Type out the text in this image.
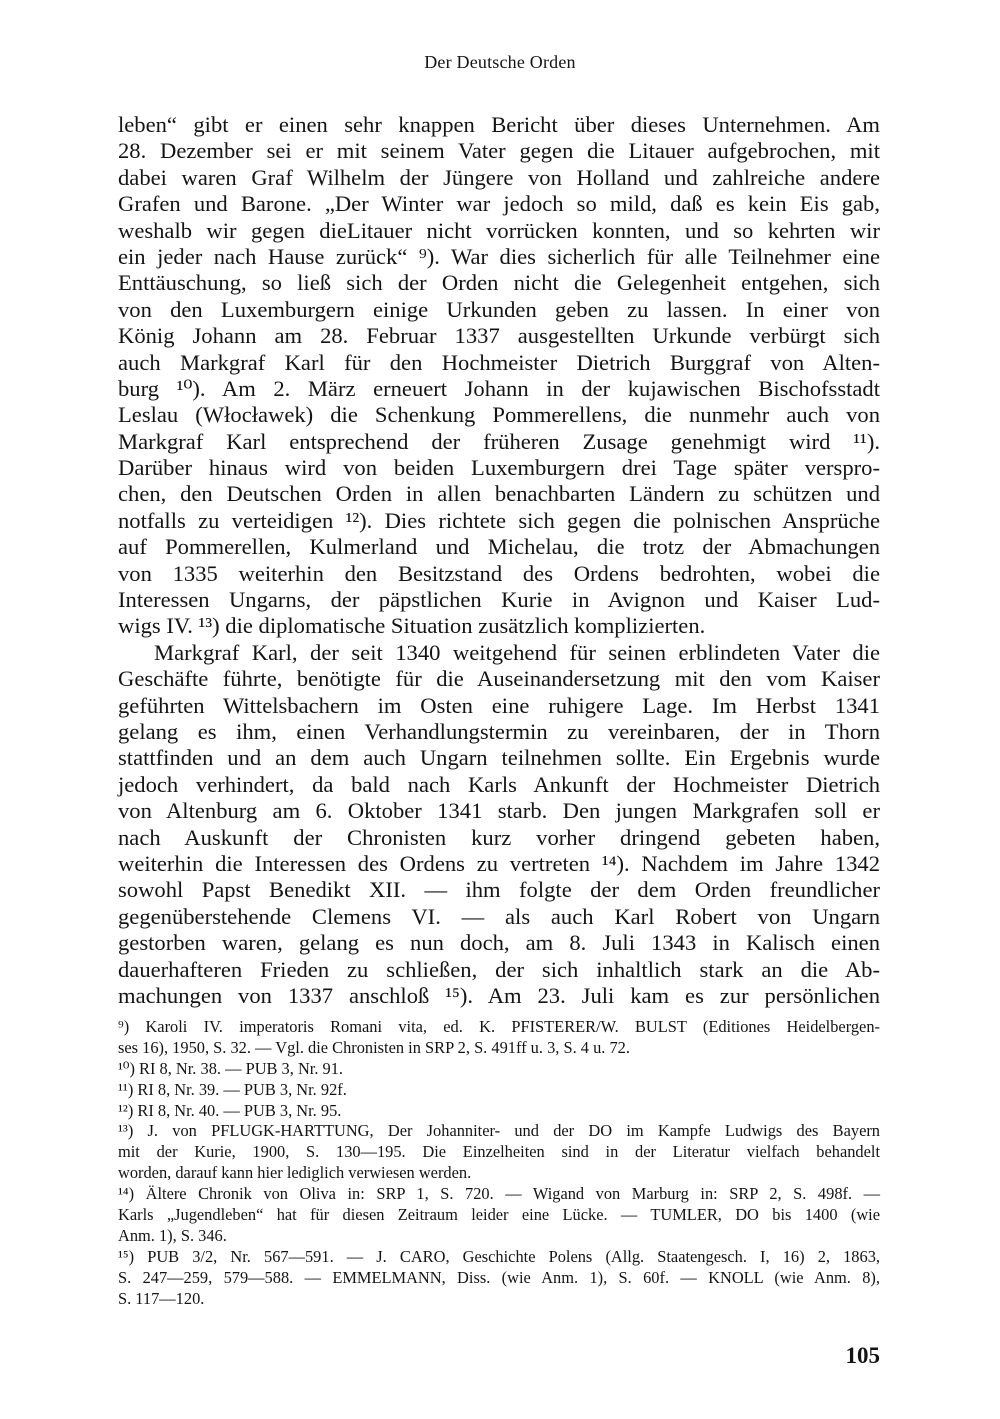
Der Deutsche Orden
leben“ gibt er einen sehr knappen Bericht über dieses Unternehmen. Am
28. Dezember sei er mit seinem Vater gegen die Litauer aufgebrochen, mit
dabei waren Graf Wilhelm der Jüngere von Holland und zahlreiche andere
Grafen und Barone. „Der Winter war jedoch so mild, daß es kein Eis gab,
weshalb wir gegen dieLitauer nicht vorrücken konnten, und so kehrten wir
ein jeder nach Hause zurück“ ⁹). War dies sicherlich für alle Teilnehmer eine
Enttäuschung, so ließ sich der Orden nicht die Gelegenheit entgehen, sich
von den Luxemburgern einige Urkunden geben zu lassen. In einer von
König Johann am 28. Februar 1337 ausgestellten Urkunde verbürgt sich
auch Markgraf Karl für den Hochmeister Dietrich Burggraf von Alten-
burg ¹⁰). Am 2. März erneuert Johann in der kujawischen Bischofsstadt
Leslau (Włocławek) die Schenkung Pommerellens, die nunmehr auch von
Markgraf Karl entsprechend der früheren Zusage genehmigt wird ¹¹).
Darüber hinaus wird von beiden Luxemburgern drei Tage später verspro-
chen, den Deutschen Orden in allen benachbarten Ländern zu schützen und
notfalls zu verteidigen ¹²). Dies richtete sich gegen die polnischen Ansprüche
auf Pommerellen, Kulmerland und Michelau, die trotz der Abmachungen
von 1335 weiterhin den Besitzstand des Ordens bedrohten, wobei die
Interessen Ungarns, der päpstlichen Kurie in Avignon und Kaiser Lud-
wigs IV. ¹³) die diplomatische Situation zusätzlich komplizierten.
Markgraf Karl, der seit 1340 weitgehend für seinen erblindeten Vater die
Geschäfte führte, benötigte für die Auseinandersetzung mit den vom Kaiser
geführten Wittelsbachern im Osten eine ruhigere Lage. Im Herbst 1341
gelang es ihm, einen Verhandlungstermin zu vereinbaren, der in Thorn
stattfinden und an dem auch Ungarn teilnehmen sollte. Ein Ergebnis wurde
jedoch verhindert, da bald nach Karls Ankunft der Hochmeister Dietrich
von Altenburg am 6. Oktober 1341 starb. Den jungen Markgrafen soll er
nach Auskunft der Chronisten kurz vorher dringend gebeten haben,
weiterhin die Interessen des Ordens zu vertreten ¹⁴). Nachdem im Jahre 1342
sowohl Papst Benedikt XII. — ihm folgte der dem Orden freundlicher
gegenüberstehende Clemens VI. — als auch Karl Robert von Ungarn
gestorben waren, gelang es nun doch, am 8. Juli 1343 in Kalisch einen
dauerhafteren Frieden zu schließen, der sich inhaltlich stark an die Ab-
machungen von 1337 anschloß ¹⁵). Am 23. Juli kam es zur persönlichen
⁹) Karoli IV. imperatoris Romani vita, ed. K. PFISTERER/W. BULST (Editiones Heidelbergen-
ses 16), 1950, S. 32. — Vgl. die Chronisten in SRP 2, S. 491ff u. 3, S. 4 u. 72.
¹⁰) RI 8, Nr. 38. — PUB 3, Nr. 91.
¹¹) RI 8, Nr. 39. — PUB 3, Nr. 92f.
¹²) RI 8, Nr. 40. — PUB 3, Nr. 95.
¹³) J. von PFLUGK-HARTTUNG, Der Johanniter- und der DO im Kampfe Ludwigs des Bayern
mit der Kurie, 1900, S. 130—195. Die Einzelheiten sind in der Literatur vielfach behandelt
worden, darauf kann hier lediglich verwiesen werden.
¹⁴) Ältere Chronik von Oliva in: SRP 1, S. 720. — Wigand von Marburg in: SRP 2, S. 498f. —
Karls „Jugendleben“ hat für diesen Zeitraum leider eine Lücke. — TUMLER, DO bis 1400 (wie
Anm. 1), S. 346.
¹⁵) PUB 3/2, Nr. 567—591. — J. CARO, Geschichte Polens (Allg. Staatengesch. I, 16) 2, 1863,
S. 247—259, 579—588. — EMMELMANN, Diss. (wie Anm. 1), S. 60f. — KNOLL (wie Anm. 8),
S. 117—120.
105
